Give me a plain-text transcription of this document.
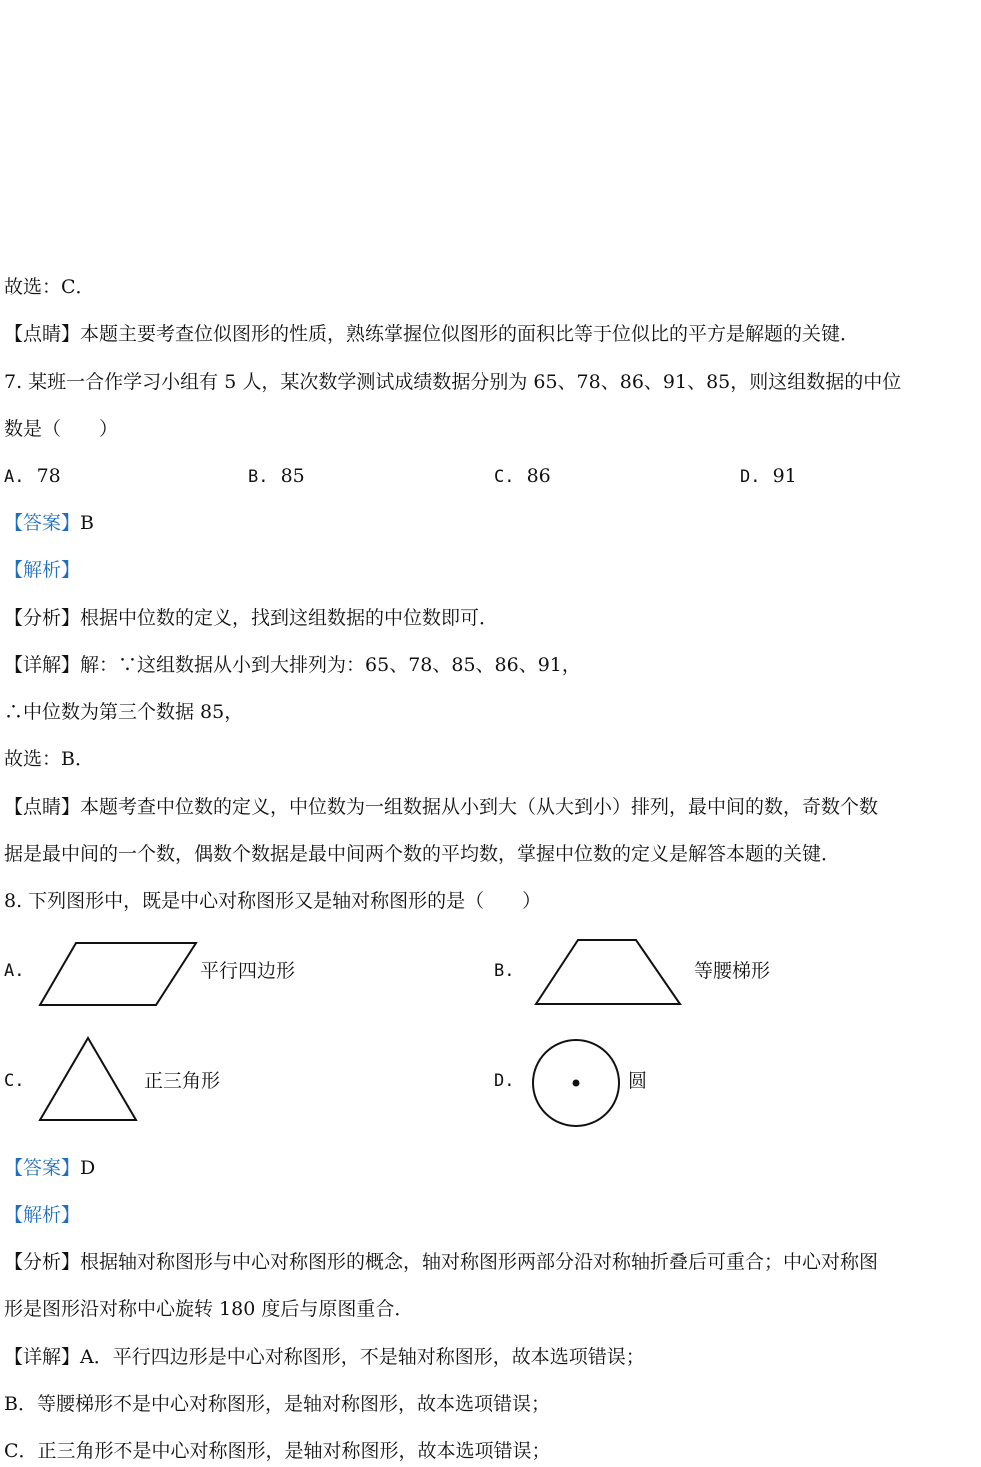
故选：C．
【点睛】本题主要考查位似图形的性质，熟练掌握位似图形的面积比等于位似比的平方是解题的关键．
7. 某班一合作学习小组有 5 人，某次数学测试成绩数据分别为 65、78、86、91、85，则这组数据的中位
数是（　　）
A. 78	B. 85	C. 86	D. 91
【答案】B
【解析】
【分析】根据中位数的定义，找到这组数据的中位数即可．
【详解】解：∵这组数据从小到大排列为：65、78、85、86、91，
∴中位数为第三个数据 85，
故选：B．
【点睛】本题考查中位数的定义，中位数为一组数据从小到大（从大到小）排列，最中间的数，奇数个数
据是最中间的一个数，偶数个数据是最中间两个数的平均数，掌握中位数的定义是解答本题的关键．
8. 下列图形中，既是中心对称图形又是轴对称图形的是（　　）
A.	平行四边形	B.	等腰梯形
C.	正三角形	D.	圆
【答案】D
【解析】
【分析】根据轴对称图形与中心对称图形的概念，轴对称图形两部分沿对称轴折叠后可重合；中心对称图
形是图形沿对称中心旋转 180 度后与原图重合．
【详解】A．平行四边形是中心对称图形，不是轴对称图形，故本选项错误；
B．等腰梯形不是中心对称图形，是轴对称图形，故本选项错误；
C．正三角形不是中心对称图形，是轴对称图形，故本选项错误；
